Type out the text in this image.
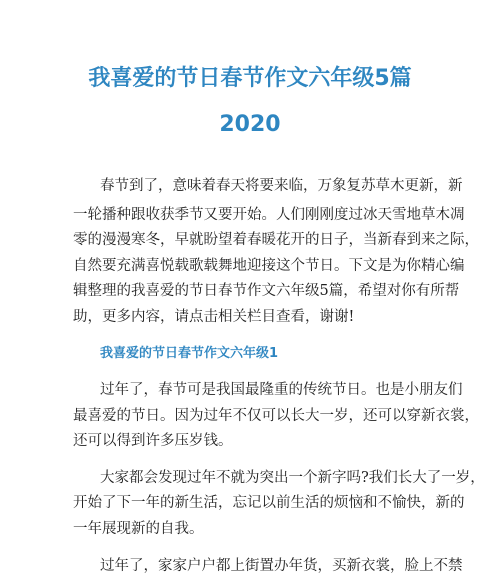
我喜爱的节日春节作文六年级5篇
2020
春节到了，意味着春天将要来临，万象复苏草木更新，新
一轮播种跟收获季节又要开始。人们刚刚度过冰天雪地草木凋
零的漫漫寒冬，早就盼望着春暖花开的日子，当新春到来之际，
自然要充满喜悦载歌载舞地迎接这个节日。下文是为你精心编
辑整理的我喜爱的节日春节作文六年级5篇，希望对你有所帮
助，更多内容，请点击相关栏目查看，谢谢!
我喜爱的节日春节作文六年级1
过年了，春节可是我国最隆重的传统节日。也是小朋友们
最喜爱的节日。因为过年不仅可以长大一岁，还可以穿新衣裳，
还可以得到许多压岁钱。
大家都会发现过年不就为突出一个新字吗?我们长大了一岁，
开始了下一年的新生活，忘记以前生活的烦恼和不愉快，新的
一年展现新的自我。
过年了，家家户户都上街置办年货，买新衣裳，脸上不禁
